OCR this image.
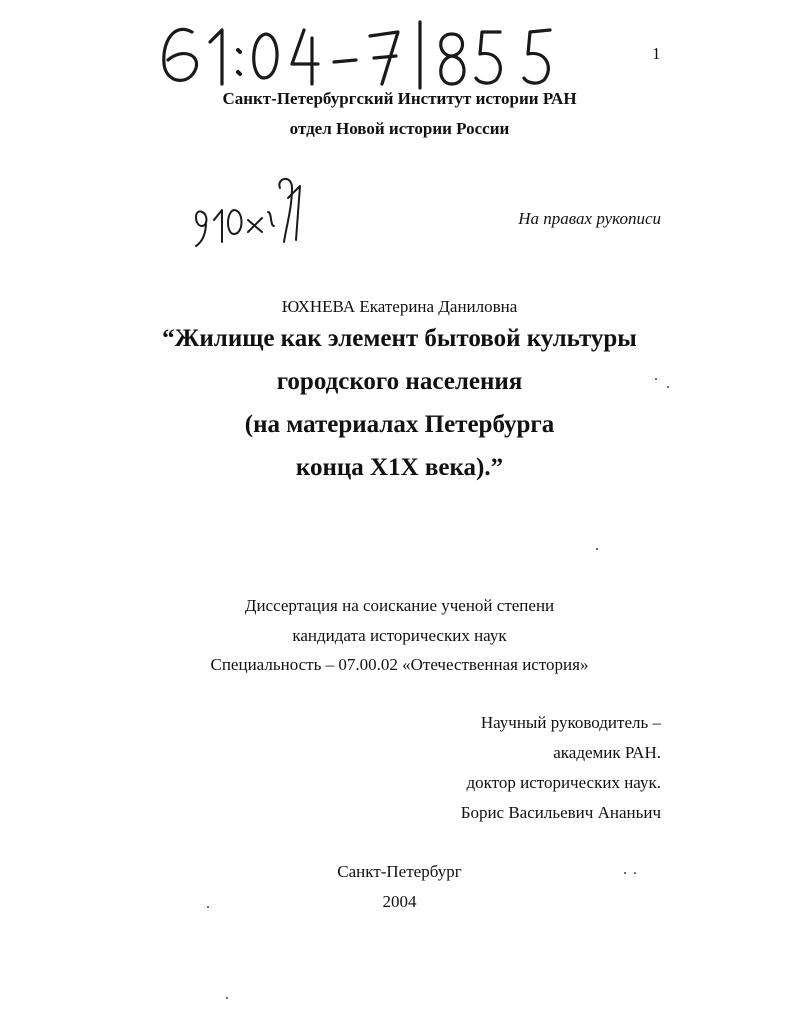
1
Санкт-Петербургский Институт истории РАН
отдел Новой истории России
На правах рукописи
ЮХНЕВА Екатерина Даниловна
“Жилище как элемент бытовой культуры
городского населения
(на материалах Петербурга
конца Х1Х века).”
Диссертация на соискание ученой степени
кандидата исторических наук
Специальность – 07.00.02 «Отечественная история»
Научный руководитель –
академик РАН.
доктор исторических наук.
Борис Васильевич Ананьич
Санкт-Петербург
2004
